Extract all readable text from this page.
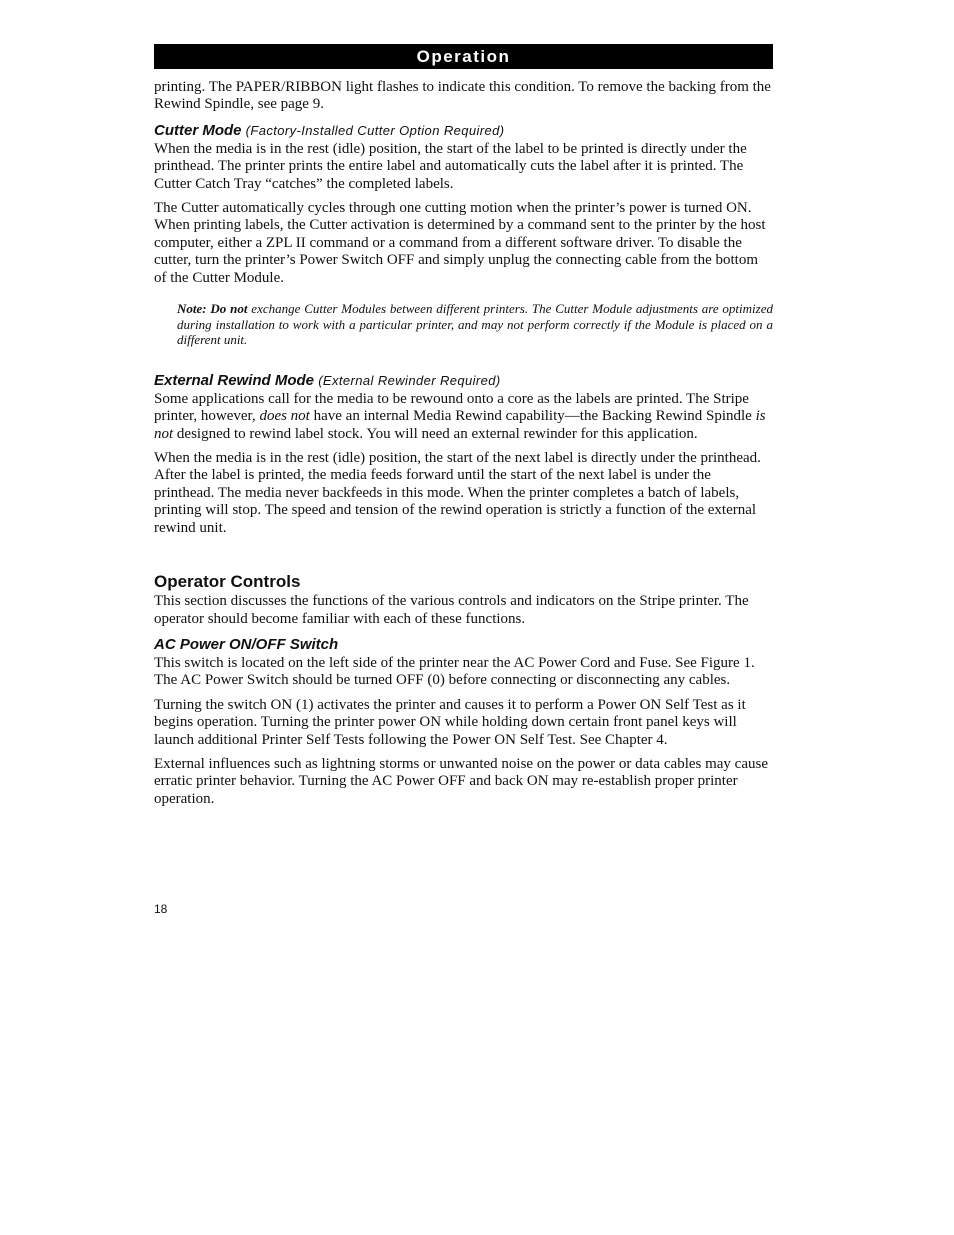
Operation

printing. The PAPER/RIBBON light flashes to indicate this condition. To remove the backing from the Rewind Spindle, see page 9.

Cutter Mode (Factory-Installed Cutter Option Required)

When the media is in the rest (idle) position, the start of the label to be printed is directly under the printhead. The printer prints the entire label and automatically cuts the label after it is printed. The Cutter Catch Tray “catches” the completed labels.

The Cutter automatically cycles through one cutting motion when the printer’s power is turned ON. When printing labels, the Cutter activation is determined by a command sent to the printer by the host computer, either a ZPL II command or a command from a different software driver. To disable the cutter, turn the printer’s Power Switch OFF and simply unplug the connecting cable from the bottom of the Cutter Module.

Note: Do not exchange Cutter Modules between different printers. The Cutter Module adjustments are optimized during installation to work with a particular printer, and may not perform correctly if the Module is placed on a different unit.
External Rewind Mode (External Rewinder Required)

Some applications call for the media to be rewound onto a core as the labels are printed. The Stripe printer, however, does not have an internal Media Rewind capability—the Backing Rewind Spindle is not designed to rewind label stock. You will need an external rewinder for this application.

When the media is in the rest (idle) position, the start of the next label is directly under the printhead. After the label is printed, the media feeds forward until the start of the next label is under the printhead. The media never backfeeds in this mode. When the printer completes a batch of labels, printing will stop. The speed and tension of the rewind operation is strictly a function of the external rewind unit.

Operator Controls

This section discusses the functions of the various controls and indicators on the Stripe printer. The operator should become familiar with each of these functions.

AC Power ON/OFF Switch

This switch is located on the left side of the printer near the AC Power Cord and Fuse. See Figure 1. The AC Power Switch should be turned OFF (0) before connecting or disconnecting any cables.

Turning the switch ON (1) activates the printer and causes it to perform a Power ON Self Test as it begins operation. Turning the printer power ON while holding down certain front panel keys will launch additional Printer Self Tests following the Power ON Self Test. See Chapter 4.

External influences such as lightning storms or unwanted noise on the power or data cables may cause erratic printer behavior. Turning the AC Power OFF and back ON may re-establish proper printer operation.

18
